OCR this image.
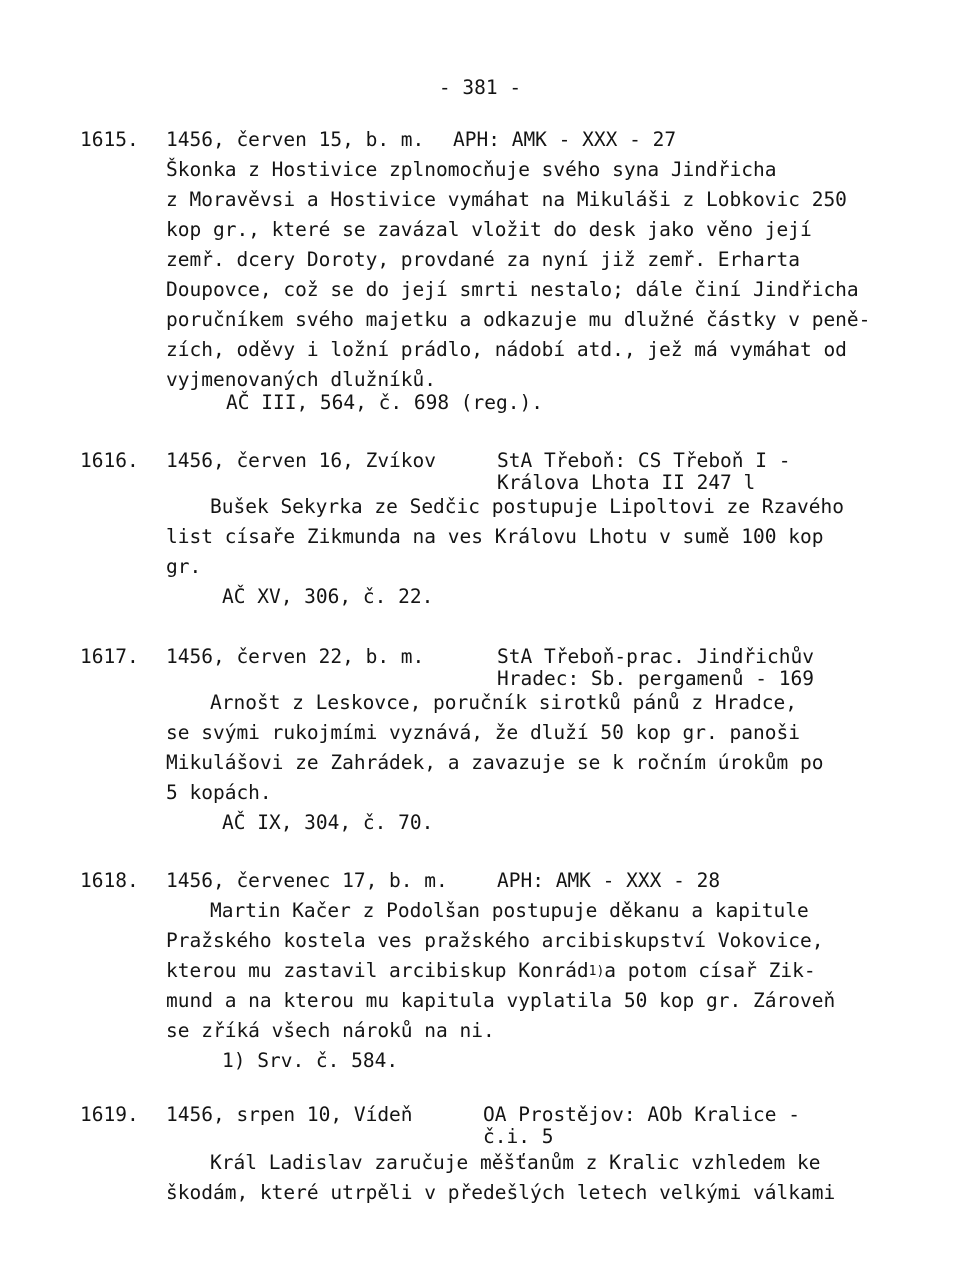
- 381 -
1615. 1456, červen 15, b. m. APH: AMK - XXX - 27
Škonka z Hostivice zplnomocňuje svého syna Jindřicha
z Moravěvsi a Hostivice vymáhat na Mikuláši z Lobkovic 250
kop gr., které se zavázal vložit do desk jako věno její
zemř. dcery Doroty, provdané za nyní již zemř. Erharta
Doupovce, což se do její smrti nestalo; dále činí Jindřicha
poručníkem svého majetku a odkazuje mu dlužné částky v peně-
zích, oděvy i ložní prádlo, nádobí atd., jež má vymáhat od
vyjmenovaných dlužníků.
AČ III, 564, č. 698 (reg.).
1616. 1456, červen 16, Zvíkov	StA Třeboň: CS Třeboň I -
Králova Lhota II 247 l
Bušek Sekyrka ze Sedčic postupuje Lipoltovi ze Rzavého
list císaře Zikmunda na ves Královu Lhotu v sumě 100 kop
gr.
AČ XV, 306, č. 22.
1617. 1456, červen 22, b. m.	StA Třeboň-prac. Jindřichův
Hradec: Sb. pergamenů - 169
Arnošt z Leskovce, poručník sirotků pánů z Hradce,
se svými rukojmími vyznává, že dluží 50 kop gr. panoši
Mikulášovi ze Zahrádek, a zavazuje se k ročním úrokům po
5 kopách.
AČ IX, 304, č. 70.
1618. 1456, červenec 17, b. m.	APH: AMK - XXX - 28
Martin Kačer z Podolšan postupuje děkanu a kapitule
Pražského kostela ves pražského arcibiskupství Vokovice,
kterou mu zastavil arcibiskup Konrád$^{1)}$a potom císař Zik-
mund a na kterou mu kapitula vyplatila 50 kop gr. Zároveň
se zříká všech nároků na ni.
1) Srv. č. 584.
1619. 1456, srpen 10, Vídeň	OA Prostějov: AOb Kralice -
č.i. 5
Král Ladislav zaručuje měšťanům z Kralic vzhledem ke
škodám, které utrpěli v předešlých letech velkými válkami
